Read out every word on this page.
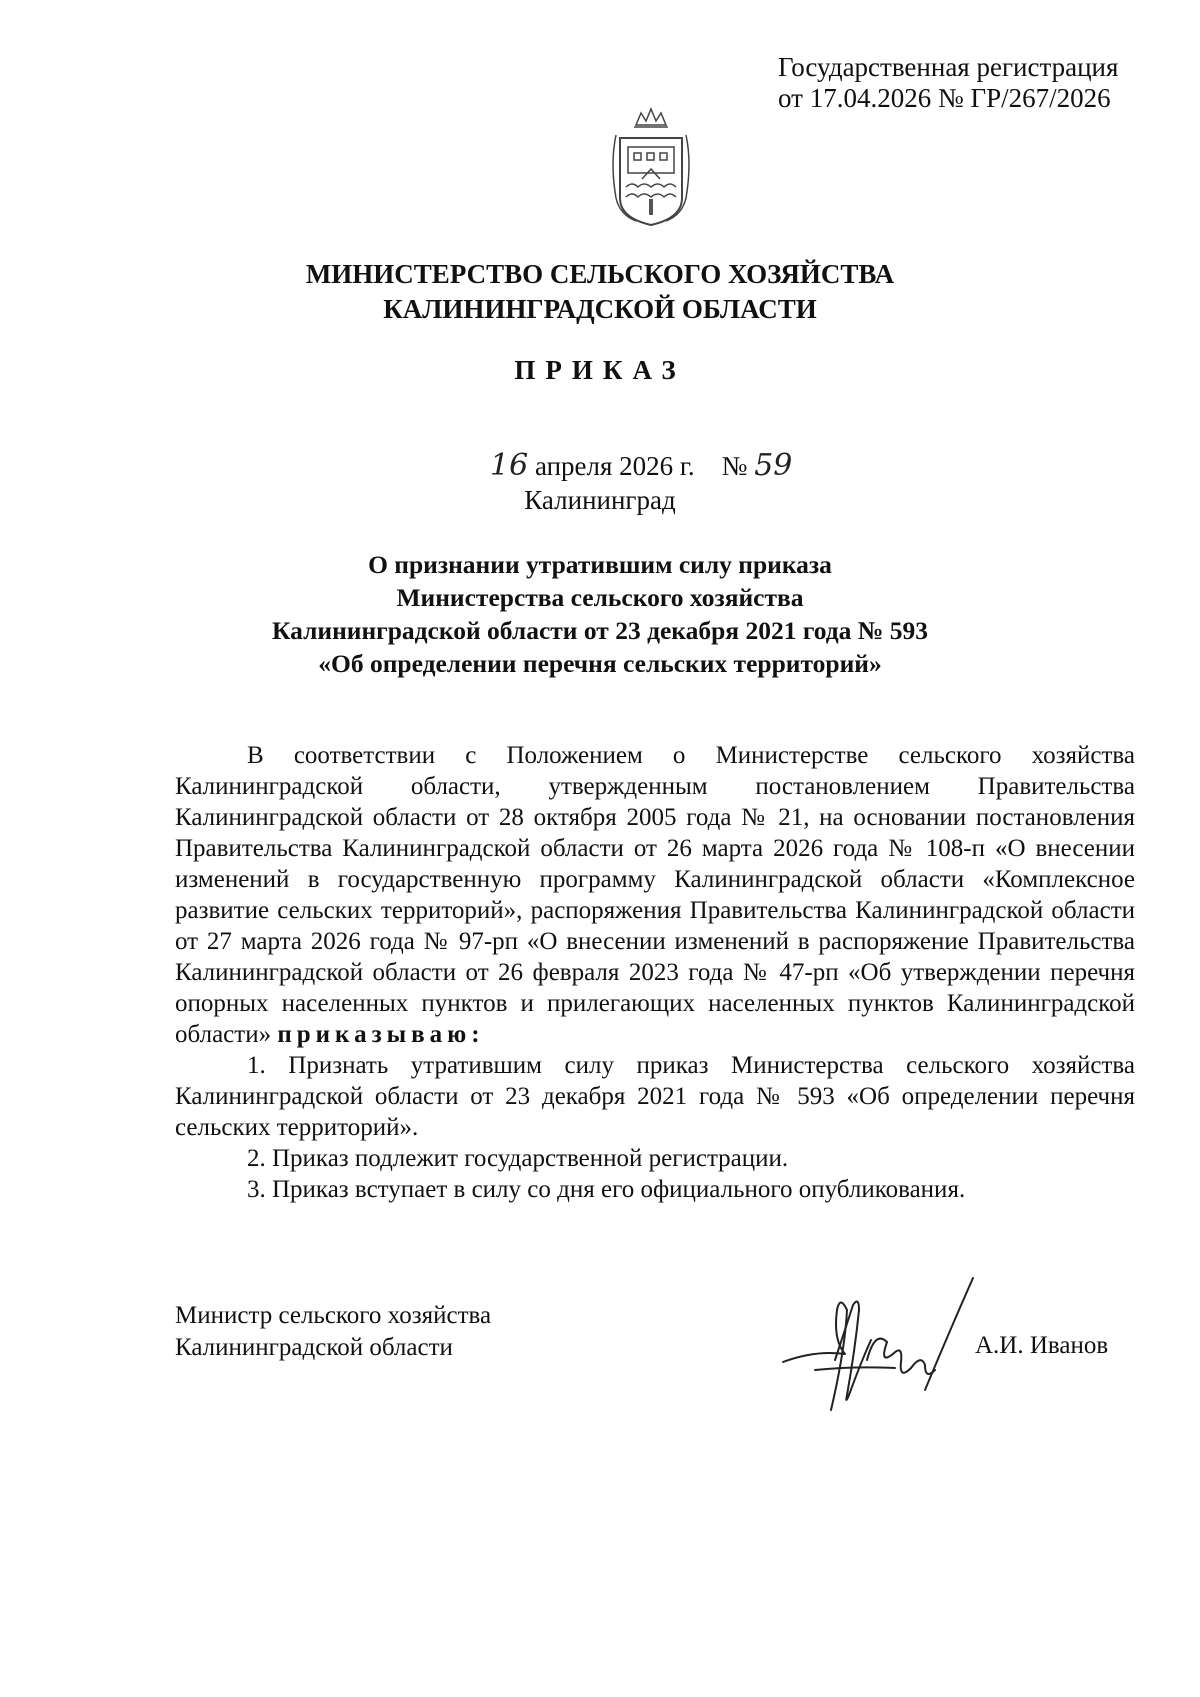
Государственная регистрация
от 17.04.2026 № ГР/267/2026
МИНИСТЕРСТВО СЕЛЬСКОГО ХОЗЯЙСТВА
КАЛИНИНГРАДСКОЙ ОБЛАСТИ
ПРИКАЗ
16 апреля 2026 г. № 59
Калининград
О признании утратившим силу приказа
Министерства сельского хозяйства
Калининградской области от 23 декабря 2021 года № 593
«Об определении перечня сельских территорий»

В соответствии с Положением о Министерстве сельского хозяйства Калининградской области, утвержденным постановлением Правительства Калининградской области от 28 октября 2005 года № 21, на основании постановления Правительства Калининградской области от 26 марта 2026 года № 108-п «О внесении изменений в государственную программу Калининградской области «Комплексное развитие сельских территорий», распоряжения Правительства Калининградской области от 27 марта 2026 года № 97-рп «О внесении изменений в распоряжение Правительства Калининградской области от 26 февраля 2023 года № 47-рп «Об утверждении перечня опорных населенных пунктов и прилегающих населенных пунктов Калининградской области» приказываю:

1. Признать утратившим силу приказ Министерства сельского хозяйства Калининградской области от 23 декабря 2021 года № 593 «Об определении перечня сельских территорий».

2. Приказ подлежит государственной регистрации.

3. Приказ вступает в силу со дня его официального опубликования.

Министр сельского хозяйства
Калининградской области	А.И. Иванов
